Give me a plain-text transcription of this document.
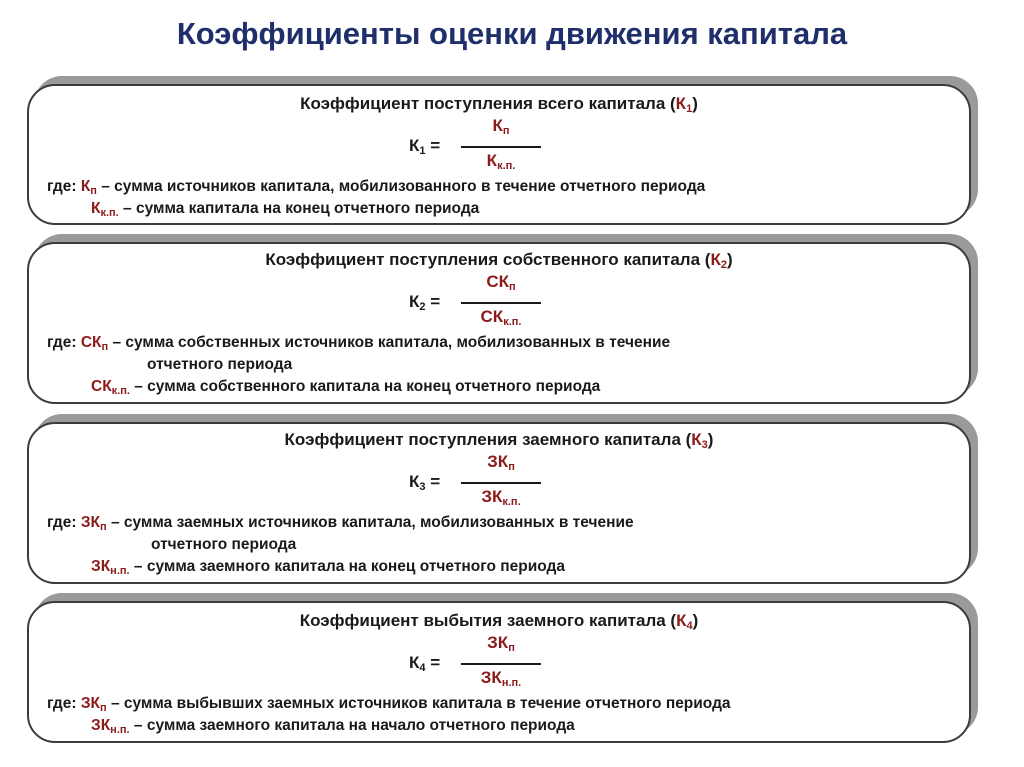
Коэффициенты оценки движения капитала
Коэффициент поступления всего капитала $(К_1)$
$К_1$ =
$К_п$
$К_{к.п.}$
где: $К_п$ – сумма источников капитала, мобилизованного в течение отчетного периода
$К_{к.п.}$ – сумма капитала на конец отчетного периода
Коэффициент поступления собственного капитала $(К_2)$
$К_2$ =
$СК_п$
$СК_{к.п.}$
где: $СК_п$ – сумма собственных источников капитала, мобилизованных в течение
отчетного периода
$СК_{к.п.}$ – сумма собственного капитала на конец отчетного периода
Коэффициент поступления заемного капитала $(К_3)$
$К_3$ =
$ЗК_п$
$ЗК_{к.п.}$
где: $ЗК_п$ – сумма заемных источников капитала, мобилизованных в течение
отчетного периода
$ЗК_{н.п.}$ – сумма заемного капитала на конец отчетного периода
Коэффициент выбытия заемного капитала $(К_4)$
$К_4$ =
$ЗК_п$
$ЗК_{н.п.}$
где: $ЗК_п$ – сумма выбывших заемных источников капитала в течение отчетного периода
$ЗК_{н.п.}$ – сумма заемного капитала на начало отчетного периода
